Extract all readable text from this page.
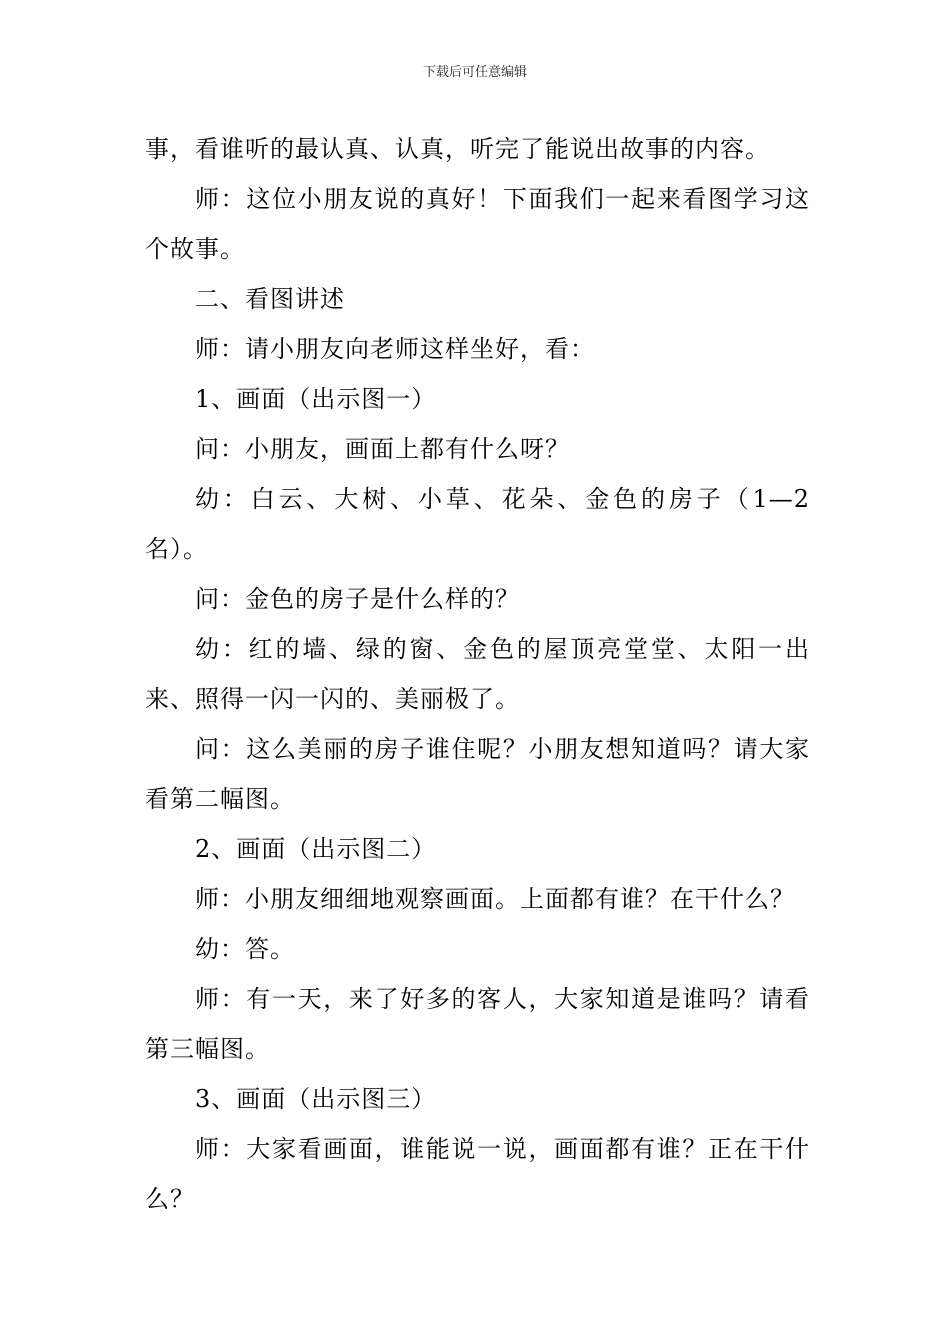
下载后可任意编辑

事，看谁听的最认真、认真，听完了能说出故事的内容。

师：这位小朋友说的真好！下面我们一起来看图学习这个故事。

二、看图讲述

师：请小朋友向老师这样坐好，看：

1、画面（出示图一）

问：小朋友，画面上都有什么呀？

幼：白云、大树、小草、花朵、金色的房子（1—2名）。

问：金色的房子是什么样的？

幼：红的墙、绿的窗、金色的屋顶亮堂堂、太阳一出来、照得一闪一闪的、美丽极了。

问：这么美丽的房子谁住呢？小朋友想知道吗？请大家看第二幅图。

2、画面（出示图二）

师：小朋友细细地观察画面。上面都有谁？在干什么？

幼：答。

师：有一天，来了好多的客人，大家知道是谁吗？请看第三幅图。

3、画面（出示图三）

师：大家看画面，谁能说一说，画面都有谁？正在干什么？
